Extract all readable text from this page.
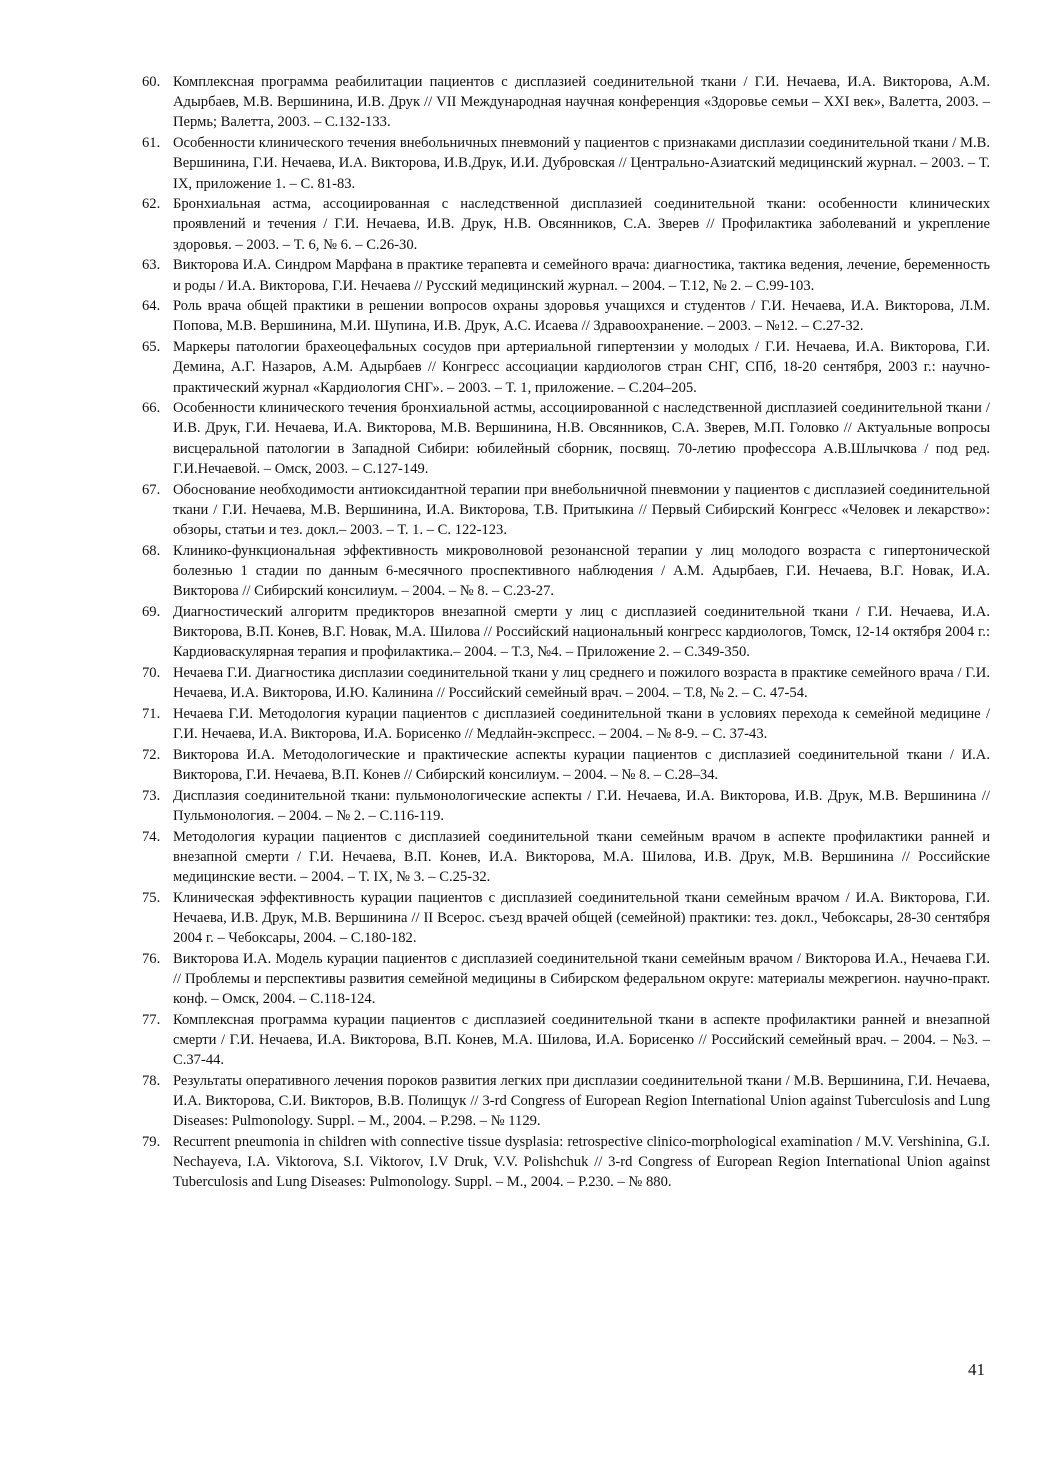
60. Комплексная программа реабилитации пациентов с дисплазией соединительной ткани / Г.И. Нечаева, И.А. Викторова, А.М. Адырбаев, М.В. Вершинина, И.В. Друк // VII Международная научная конференция «Здоровье семьи – XXI век», Валетта, 2003. – Пермь; Валетта, 2003. – С.132-133.
61. Особенности клинического течения внебольничных пневмоний у пациентов с признаками дисплазии соединительной ткани / М.В. Вершинина, Г.И. Нечаева, И.А. Викторова, И.В.Друк, И.И. Дубровская // Центрально-Азиатский медицинский журнал. – 2003. – Т. IX, приложение 1. – С. 81-83.
62. Бронхиальная астма, ассоциированная с наследственной дисплазией соединительной ткани: особенности клинических проявлений и течения / Г.И. Нечаева, И.В. Друк, Н.В. Овсянников, С.А. Зверев // Профилактика заболеваний и укрепление здоровья. – 2003. – Т. 6, № 6. – С.26-30.
63. Викторова И.А. Синдром Марфана в практике терапевта и семейного врача: диагностика, тактика ведения, лечение, беременность и роды / И.А. Викторова, Г.И. Нечаева // Русский медицинский журнал. – 2004. – Т.12, № 2. – С.99-103.
64. Роль врача общей практики в решении вопросов охраны здоровья учащихся и студентов / Г.И. Нечаева, И.А. Викторова, Л.М. Попова, М.В. Вершинина, М.И. Шупина, И.В. Друк, А.С. Исаева // Здравоохранение. – 2003. – №12. – С.27-32.
65. Маркеры патологии брахеоцефальных сосудов при артериальной гипертензии у молодых / Г.И. Нечаева, И.А. Викторова, Г.И. Демина, А.Г. Назаров, А.М. Адырбаев // Конгресс ассоциации кардиологов стран СНГ, СПб, 18-20 сентября, 2003 г.: научно-практический журнал «Кардиология СНГ». – 2003. – Т. 1, приложение. – С.204–205.
66. Особенности клинического течения бронхиальной астмы, ассоциированной с наследственной дисплазией соединительной ткани / И.В. Друк, Г.И. Нечаева, И.А. Викторова, М.В. Вершинина, Н.В. Овсянников, С.А. Зверев, М.П. Головко // Актуальные вопросы висцеральной патологии в Западной Сибири: юбилейный сборник, посвящ. 70-летию профессора А.В.Шлычкова / под ред. Г.И.Нечаевой. – Омск, 2003. – С.127-149.
67. Обоснование необходимости антиоксидантной терапии при внебольничной пневмонии у пациентов с дисплазией соединительной ткани / Г.И. Нечаева, М.В. Вершинина, И.А. Викторова, Т.В. Притыкина // Первый Сибирский Конгресс «Человек и лекарство»: обзоры, статьи и тез. докл.– 2003. – Т. 1. – С. 122-123.
68. Клинико-функциональная эффективность микроволновой резонансной терапии у лиц молодого возраста с гипертонической болезнью 1 стадии по данным 6-месячного проспективного наблюдения / А.М. Адырбаев, Г.И. Нечаева, В.Г. Новак, И.А. Викторова // Сибирский консилиум. – 2004. – № 8. – С.23-27.
69. Диагностический алгоритм предикторов внезапной смерти у лиц с дисплазией соединительной ткани / Г.И. Нечаева, И.А. Викторова, В.П. Конев, В.Г. Новак, М.А. Шилова // Российский национальный конгресс кардиологов, Томск, 12-14 октября 2004 г.: Кардиоваскулярная терапия и профилактика.– 2004. – Т.3, №4. – Приложение 2. – С.349-350.
70. Нечаева Г.И. Диагностика дисплазии соединительной ткани у лиц среднего и пожилого возраста в практике семейного врача / Г.И. Нечаева, И.А. Викторова, И.Ю. Калинина // Российский семейный врач. – 2004. – Т.8, № 2. – С. 47-54.
71. Нечаева Г.И. Методология курации пациентов с дисплазией соединительной ткани в условиях перехода к семейной медицине / Г.И. Нечаева, И.А. Викторова, И.А. Борисенко // Медлайн-экспресс. – 2004. – № 8-9. – С. 37-43.
72. Викторова И.А. Методологические и практические аспекты курации пациентов с дисплазией соединительной ткани / И.А. Викторова, Г.И. Нечаева, В.П. Конев // Сибирский консилиум. – 2004. – № 8. – С.28–34.
73. Дисплазия соединительной ткани: пульмонологические аспекты / Г.И. Нечаева, И.А. Викторова, И.В. Друк, М.В. Вершинина // Пульмонология. – 2004. – № 2. – С.116-119.
74. Методология курации пациентов с дисплазией соединительной ткани семейным врачом в аспекте профилактики ранней и внезапной смерти / Г.И. Нечаева, В.П. Конев, И.А. Викторова, М.А. Шилова, И.В. Друк, М.В. Вершинина // Российские медицинские вести. – 2004. – Т. IX, № 3. – С.25-32.
75. Клиническая эффективность курации пациентов с дисплазией соединительной ткани семейным врачом / И.А. Викторова, Г.И. Нечаева, И.В. Друк, М.В. Вершинина // II Всерос. съезд врачей общей (семейной) практики: тез. докл., Чебоксары, 28-30 сентября 2004 г. – Чебоксары, 2004. – С.180-182.
76. Викторова И.А. Модель курации пациентов с дисплазией соединительной ткани семейным врачом / Викторова И.А., Нечаева Г.И. // Проблемы и перспективы развития семейной медицины в Сибирском федеральном округе: материалы межрегион. научно-практ. конф. – Омск, 2004. – С.118-124.
77. Комплексная программа курации пациентов с дисплазией соединительной ткани в аспекте профилактики ранней и внезапной смерти / Г.И. Нечаева, И.А. Викторова, В.П. Конев, М.А. Шилова, И.А. Борисенко // Российский семейный врач. – 2004. – №3. – С.37-44.
78. Результаты оперативного лечения пороков развития легких при дисплазии соединительной ткани / М.В. Вершинина, Г.И. Нечаева, И.А. Викторова, С.И. Викторов, В.В. Полищук // 3-rd Congress of European Region International Union against Tuberculosis and Lung Diseases: Pulmonology. Suppl. – М., 2004. – P.298. – № 1129.
79. Recurrent pneumonia in children with connective tissue dysplasia: retrospective clinico-morphological examination / M.V. Vershinina, G.I. Nechayeva, I.A. Viktorova, S.I. Viktorov, I.V Druk, V.V. Polishchuk // 3-rd Congress of European Region International Union against Tuberculosis and Lung Diseases: Pulmonology. Suppl. – М., 2004. – P.230. – № 880.
41
